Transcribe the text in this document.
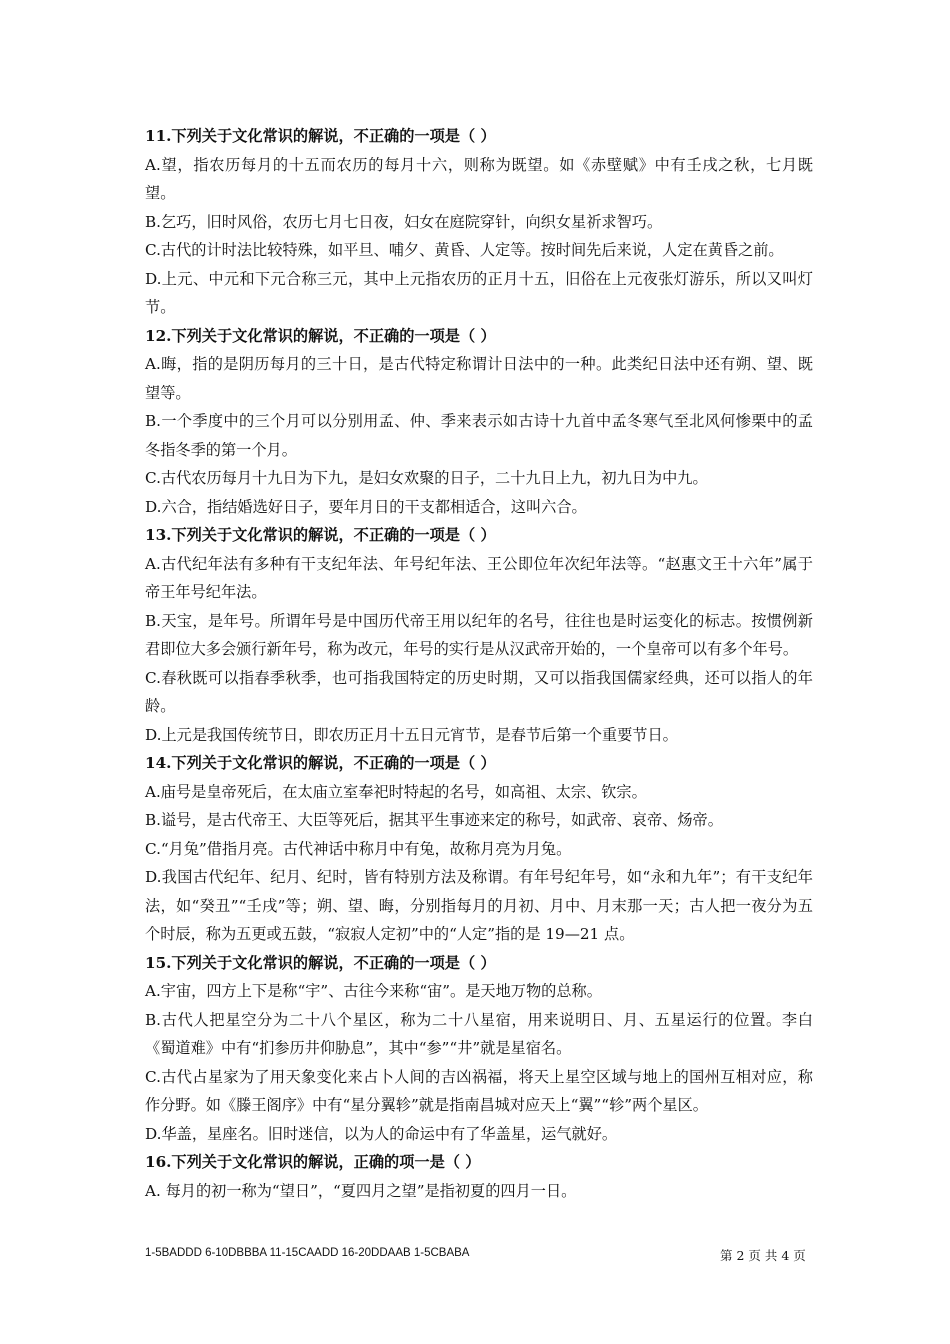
11.下列关于文化常识的解说，不正确的一项是（ ）

A.望，指农历每月的十五而农历的每月十六，则称为既望。如《赤壁赋》中有壬戌之秋，七月既望。

B.乞巧，旧时风俗，农历七月七日夜，妇女在庭院穿针，向织女星祈求智巧。

C.古代的计时法比较特殊，如平旦、哺夕、黄昏、人定等。按时间先后来说，人定在黄昏之前。

D.上元、中元和下元合称三元，其中上元指农历的正月十五，旧俗在上元夜张灯游乐，所以又叫灯节。

12.下列关于文化常识的解说，不正确的一项是（ ）

A.晦，指的是阴历每月的三十日，是古代特定称谓计日法中的一种。此类纪日法中还有朔、望、既望等。

B.一个季度中的三个月可以分别用孟、仲、季来表示如古诗十九首中孟冬寒气至北风何惨栗中的孟冬指冬季的第一个月。

C.古代农历每月十九日为下九，是妇女欢聚的日子，二十九日上九，初九日为中九。

D.六合，指结婚选好日子，要年月日的干支都相适合，这叫六合。

13.下列关于文化常识的解说，不正确的一项是（ ）

A.古代纪年法有多种有干支纪年法、年号纪年法、王公即位年次纪年法等。“赵惠文王十六年”属于帝王年号纪年法。

B.天宝，是年号。所谓年号是中国历代帝王用以纪年的名号，往往也是时运变化的标志。按惯例新君即位大多会颁行新年号，称为改元，年号的实行是从汉武帝开始的，一个皇帝可以有多个年号。

C.春秋既可以指春季秋季，也可指我国特定的历史时期，又可以指我国儒家经典，还可以指人的年龄。

D.上元是我国传统节日，即农历正月十五日元宵节，是春节后第一个重要节日。

14.下列关于文化常识的解说，不正确的一项是（ ）

A.庙号是皇帝死后，在太庙立室奉祀时特起的名号，如高祖、太宗、钦宗。

B.谥号，是古代帝王、大臣等死后，据其平生事迹来定的称号，如武帝、哀帝、炀帝。

C.“月兔”借指月亮。古代神话中称月中有兔，故称月亮为月兔。

D.我国古代纪年、纪月、纪时，皆有特别方法及称谓。有年号纪年号，如“永和九年”；有干支纪年法，如“癸丑”“壬戌”等；朔、望、晦，分别指每月的月初、月中、月末那一天；古人把一夜分为五个时辰，称为五更或五鼓，“寂寂人定初”中的“人定”指的是 19—21 点。

15.下列关于文化常识的解说，不正确的一项是（ ）

A.宇宙，四方上下是称“宇”、古往今来称“宙”。是天地万物的总称。

B.古代人把星空分为二十八个星区，称为二十八星宿，用来说明日、月、五星运行的位置。李白《蜀道难》中有“扪参历井仰胁息”，其中“参”“井”就是星宿名。

C.古代占星家为了用天象变化来占卜人间的吉凶祸福，将天上星空区域与地上的国州互相对应，称作分野。如《滕王阁序》中有“星分翼轸”就是指南昌城对应天上“翼”“轸”两个星区。

D.华盖，星座名。旧时迷信，以为人的命运中有了华盖星，运气就好。

16.下列关于文化常识的解说，正确的项一是（ ）

A. 每月的初一称为“望日”，“夏四月之望”是指初夏的四月一日。

1-5BADDD 6-10DBBBA 11-15CAADD 16-20DDAAB 1-5CBABA	第 2 页 共 4 页
